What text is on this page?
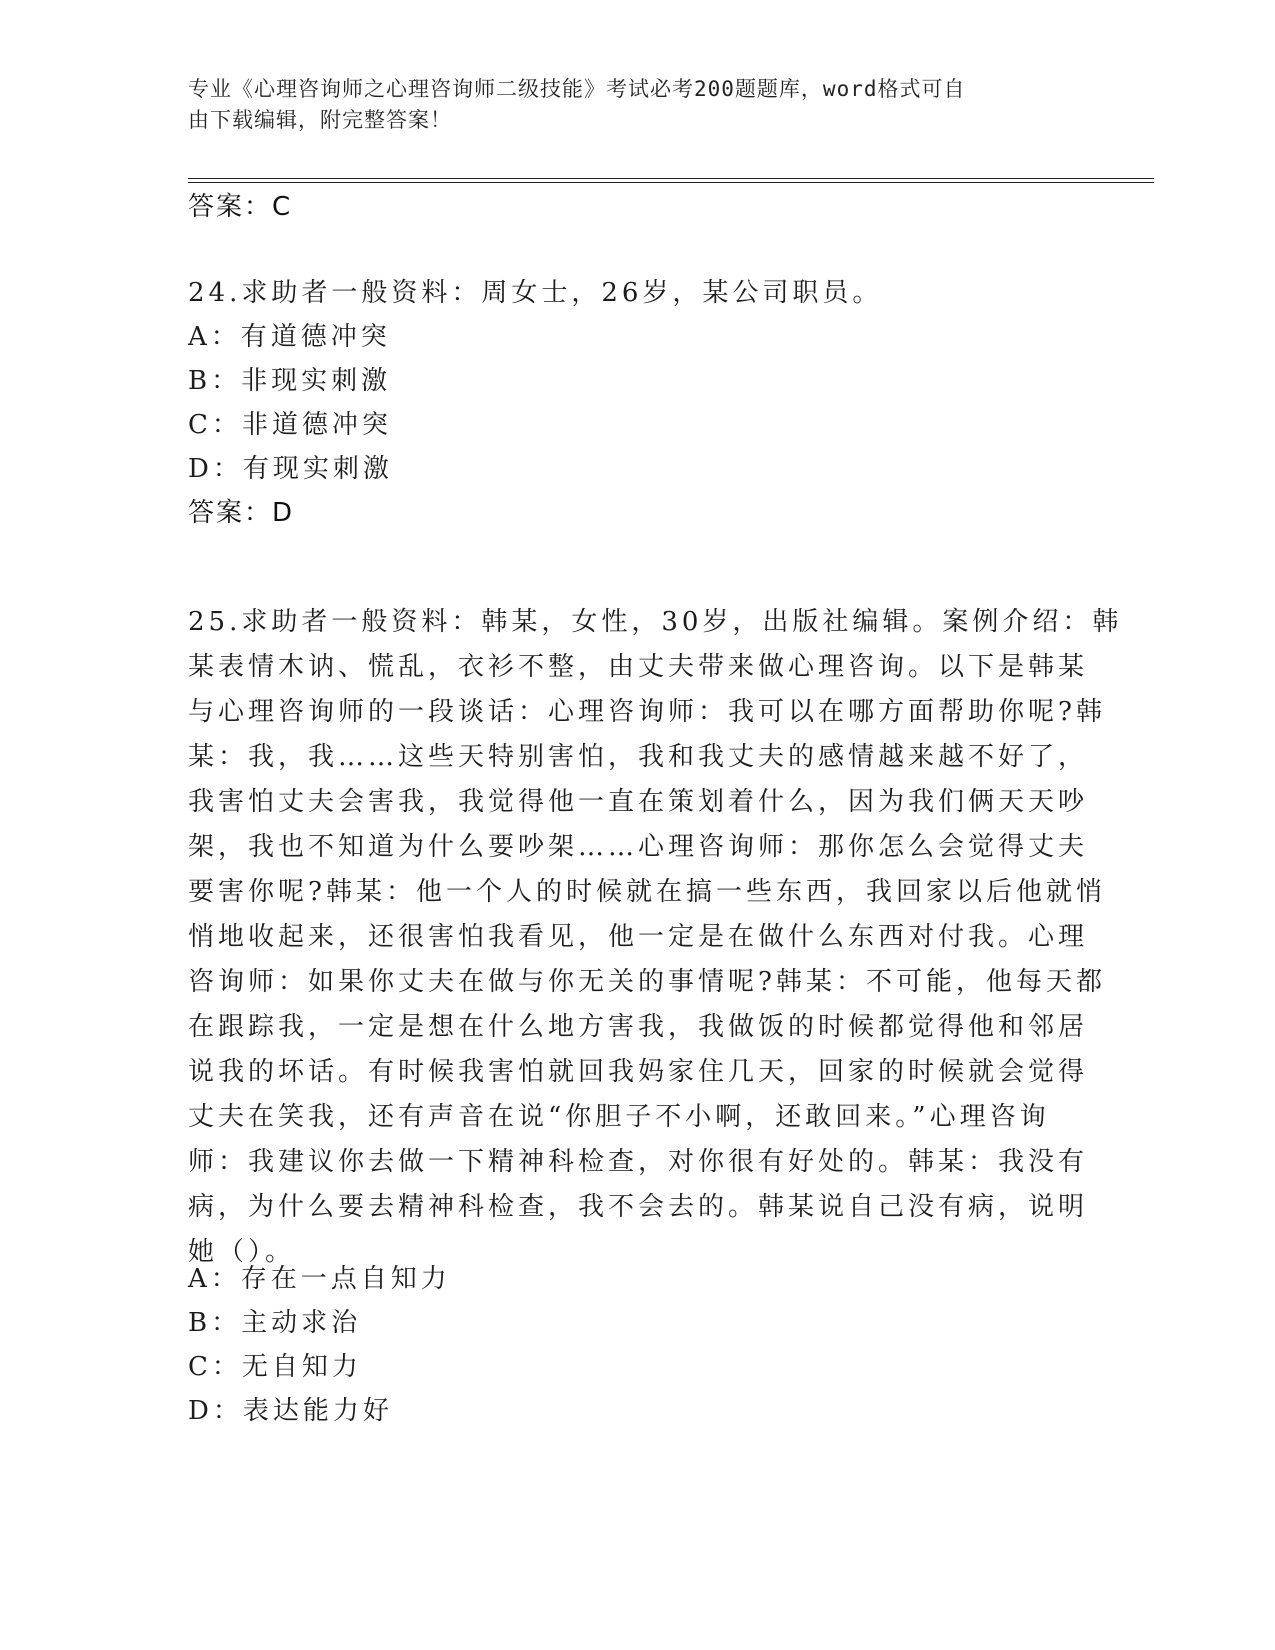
专业《心理咨询师之心理咨询师二级技能》考试必考200题题库，word格式可自
由下载编辑，附完整答案！
答案：C
24.求助者一般资料：周女士，26岁，某公司职员。
A：有道德冲突
B：非现实刺激
C：非道德冲突
D：有现实刺激
答案：D
25.求助者一般资料：韩某，女性，30岁，出版社编辑。案例介绍：韩
某表情木讷、慌乱，衣衫不整，由丈夫带来做心理咨询。以下是韩某
与心理咨询师的一段谈话：心理咨询师：我可以在哪方面帮助你呢?韩
某：我，我……这些天特别害怕，我和我丈夫的感情越来越不好了，
我害怕丈夫会害我，我觉得他一直在策划着什么，因为我们俩天天吵
架，我也不知道为什么要吵架……心理咨询师：那你怎么会觉得丈夫
要害你呢?韩某：他一个人的时候就在搞一些东西，我回家以后他就悄
悄地收起来，还很害怕我看见，他一定是在做什么东西对付我。心理
咨询师：如果你丈夫在做与你无关的事情呢?韩某：不可能，他每天都
在跟踪我，一定是想在什么地方害我，我做饭的时候都觉得他和邻居
说我的坏话。有时候我害怕就回我妈家住几天，回家的时候就会觉得
丈夫在笑我，还有声音在说“你胆子不小啊，还敢回来。”心理咨询
师：我建议你去做一下精神科检查，对你很有好处的。韩某：我没有
病，为什么要去精神科检查，我不会去的。韩某说自己没有病，说明
她（）。
A：存在一点自知力
B：主动求治
C：无自知力
D：表达能力好
